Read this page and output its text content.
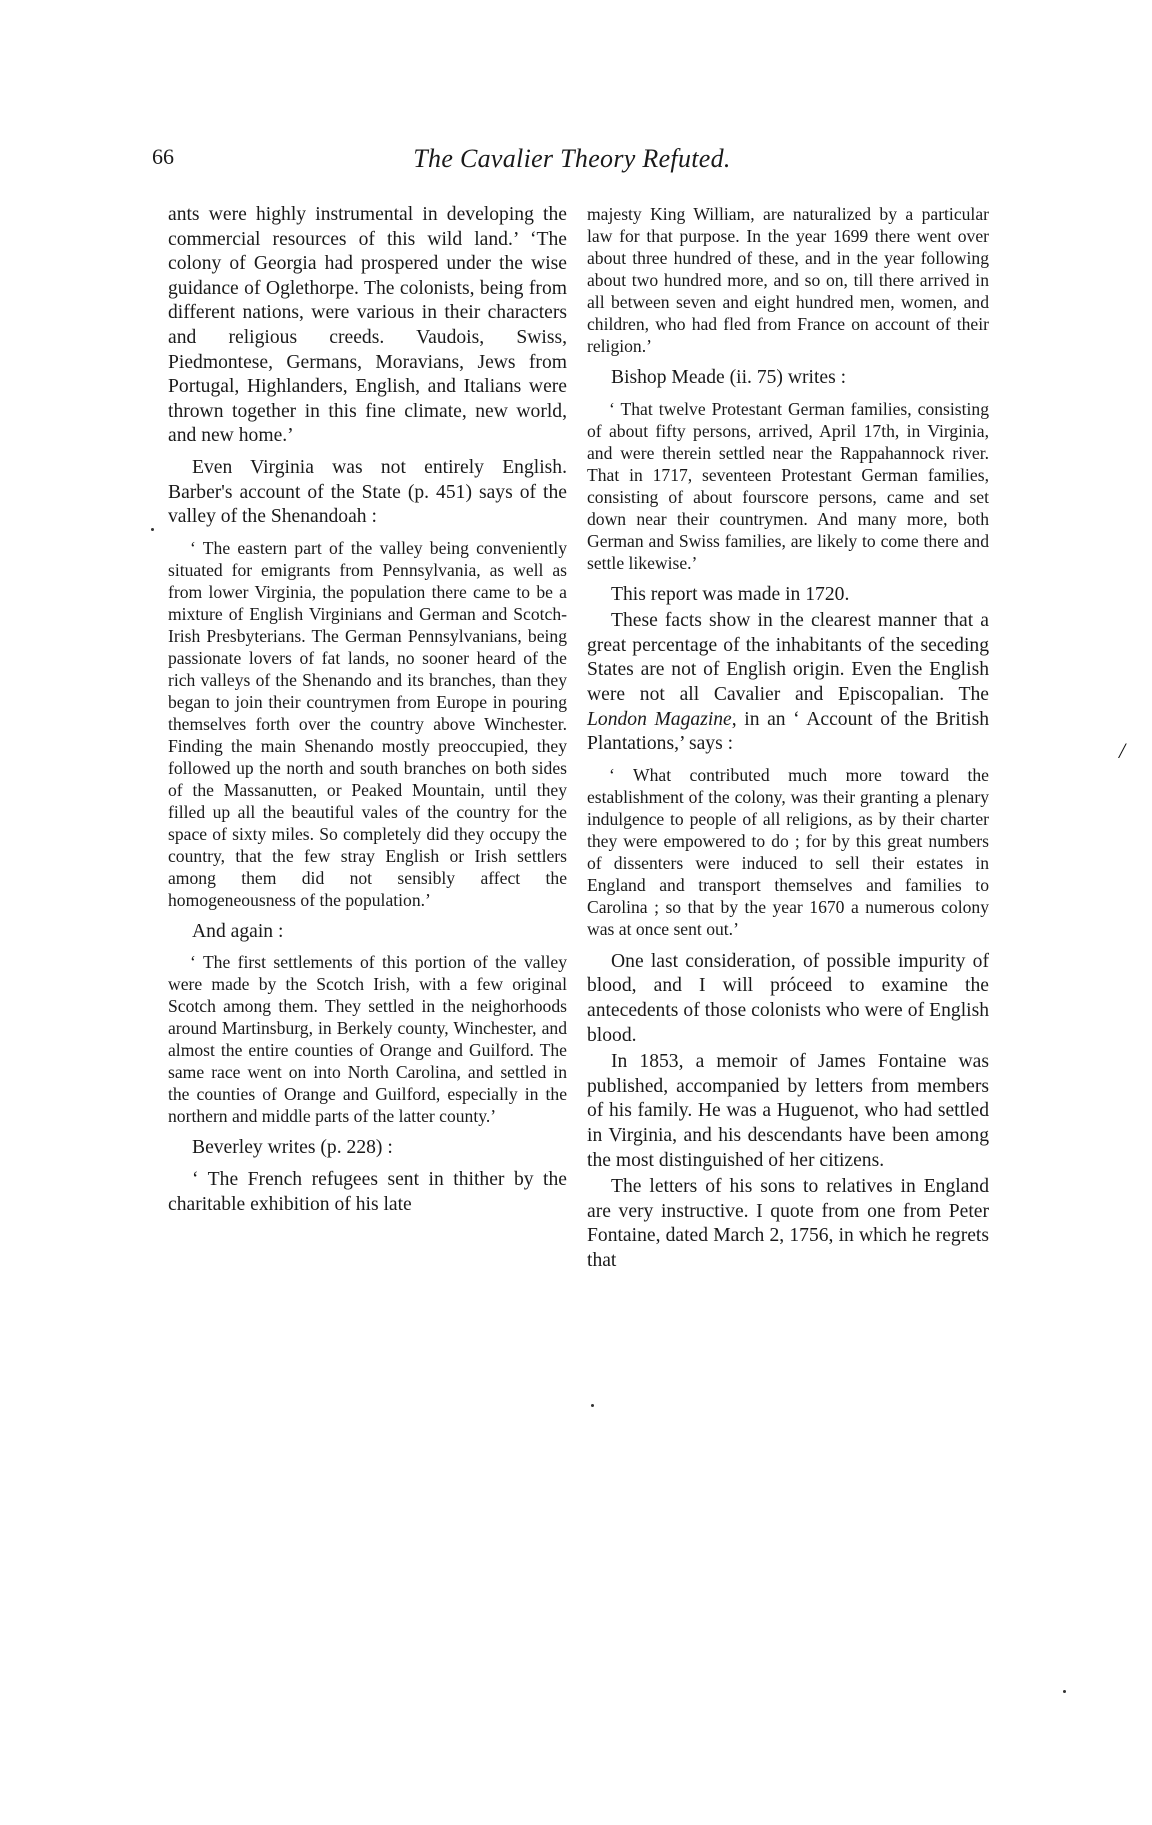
66	The Cavalier Theory Refuted.

ants were highly instrumental in developing the commercial resources of this wild land.’ ‘The colony of Georgia had prospered under the wise guidance of Oglethorpe. The colonists, being from different nations, were various in their characters and religious creeds. Vaudois, Swiss, Piedmontese, Germans, Moravians, Jews from Portugal, Highlanders, English, and Italians were thrown together in this fine climate, new world, and new home.’

Even Virginia was not entirely English. Barber's account of the State (p. 451) says of the valley of the Shenandoah :

‘ The eastern part of the valley being conveniently situated for emigrants from Pennsylvania, as well as from lower Virginia, the population there came to be a mixture of English Virginians and German and Scotch-Irish Presbyterians. The German Pennsylvanians, being passionate lovers of fat lands, no sooner heard of the rich valleys of the Shenando and its branches, than they began to join their countrymen from Europe in pouring themselves forth over the country above Winchester. Finding the main Shenando mostly preoccupied, they followed up the north and south branches on both sides of the Massanutten, or Peaked Mountain, until they filled up all the beautiful vales of the country for the space of sixty miles. So completely did they occupy the country, that the few stray English or Irish settlers among them did not sensibly affect the homogeneousness of the population.’

And again :

‘ The first settlements of this portion of the valley were made by the Scotch Irish, with a few original Scotch among them. They settled in the neighorhoods around Martinsburg, in Berkely county, Winchester, and almost the entire counties of Orange and Guilford. The same race went on into North Carolina, and settled in the counties of Orange and Guilford, especially in the northern and middle parts of the latter county.’

Beverley writes (p. 228) :

‘ The French refugees sent in thither by the charitable exhibition of his late

majesty King William, are naturalized by a particular law for that purpose. In the year 1699 there went over about three hundred of these, and in the year following about two hundred more, and so on, till there arrived in all between seven and eight hundred men, women, and children, who had fled from France on account of their religion.’

Bishop Meade (ii. 75) writes :

‘ That twelve Protestant German families, consisting of about fifty persons, arrived, April 17th, in Virginia, and were therein settled near the Rappahannock river. That in 1717, seventeen Protestant German families, consisting of about fourscore persons, came and set down near their countrymen. And many more, both German and Swiss families, are likely to come there and settle likewise.’

This report was made in 1720.

These facts show in the clearest manner that a great percentage of the inhabitants of the seceding States are not of English origin. Even the English were not all Cavalier and Episcopalian. The London Magazine, in an ‘ Account of the British Plantations,’ says :

‘ What contributed much more toward the establishment of the colony, was their granting a plenary indulgence to people of all religions, as by their charter they were empowered to do ; for by this great numbers of dissenters were induced to sell their estates in England and transport themselves and families to Carolina ; so that by the year 1670 a numerous colony was at once sent out.’

One last consideration, of possible impurity of blood, and I will próceed to examine the antecedents of those colonists who were of English blood.

In 1853, a memoir of James Fontaine was published, accompanied by letters from members of his family. He was a Huguenot, who had settled in Virginia, and his descendants have been among the most distinguished of her citizens.

The letters of his sons to relatives in England are very instructive. I quote from one from Peter Fontaine, dated March 2, 1756, in which he regrets that

/
